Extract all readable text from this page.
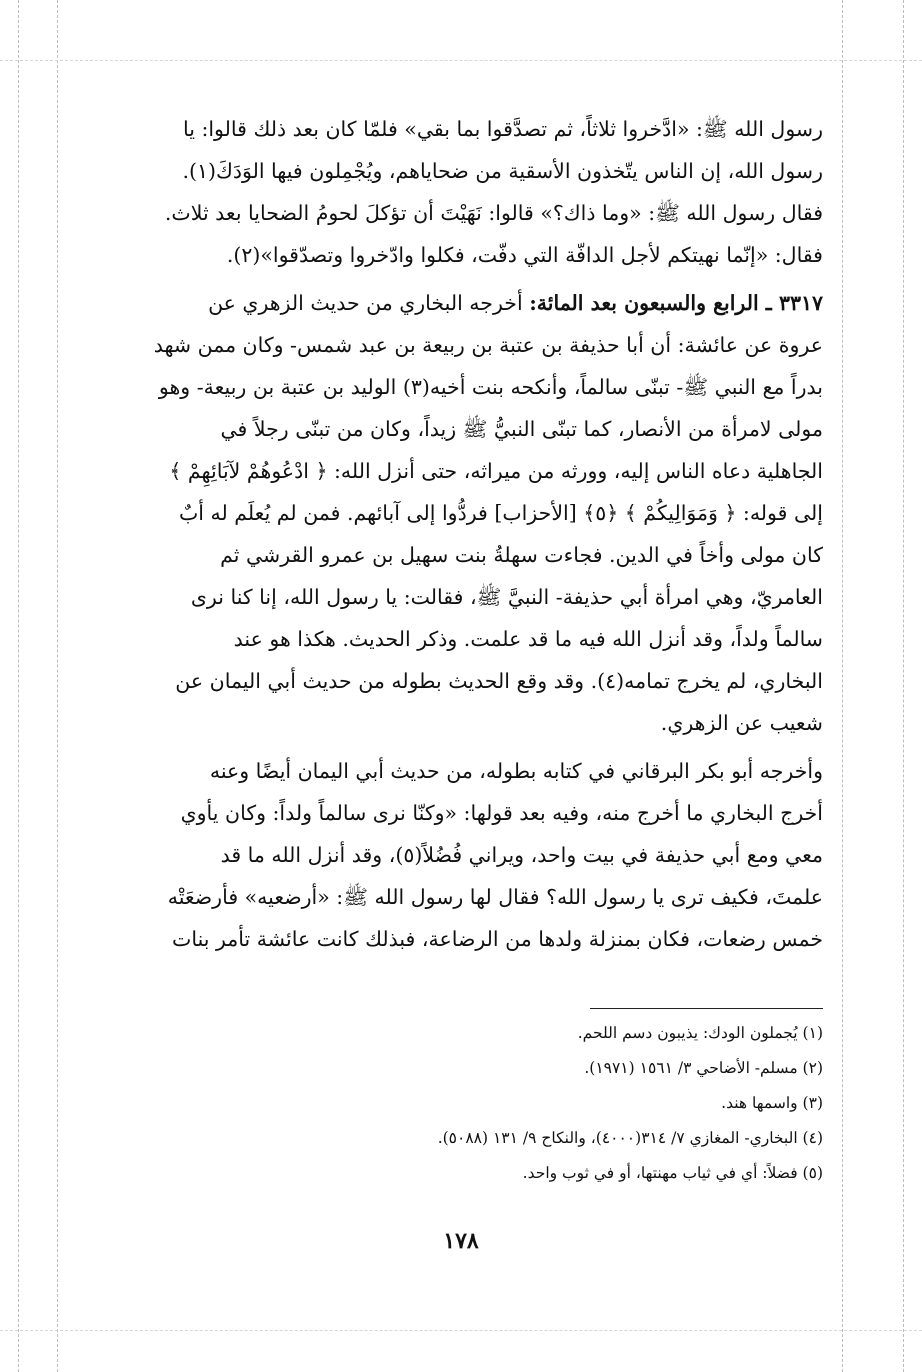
رسول الله ﷺ: «ادَّخروا ثلاثاً، ثم تصدَّقوا بما بقي» فلمّا كان بعد ذلك قالوا: يا
رسول الله، إن الناس يتّخذون الأسقية من ضحاياهم، ويُجْمِلون فيها الوَدَكَ(١).
فقال رسول الله ﷺ: «وما ذاك؟» قالوا: نَهَيْتَ أن تؤكلَ لحومُ الضحايا بعد ثلاث.
فقال: «إنّما نهيتكم لأجل الدافّة التي دفّت، فكلوا وادّخروا وتصدّقوا»(٢).
٣٣١٧ ـ الرابع والسبعون بعد المائة: أخرجه البخاري من حديث الزهري عن
عروة عن عائشة: أن أبا حذيفة بن عتبة بن ربيعة بن عبد شمس- وكان ممن شهد
بدراً مع النبي ﷺ- تبنّى سالماً، وأنكحه بنت أخيه(٣) الوليد بن عتبة بن ربيعة- وهو
مولى لامرأة من الأنصار، كما تبنّى النبيُّ ﷺ زيداً، وكان من تبنّى رجلاً في
الجاهلية دعاه الناس إليه، وورثه من ميراثه، حتى أنزل الله: ﴿ ادْعُوهُمْ لآبَائِهِمْ ﴾
إلى قوله: ﴿ وَمَوَالِيكُمْ ﴾ ﴿٥﴾ [الأحزاب] فردُّوا إلى آبائهم. فمن لم يُعلَم له أبٌ
كان مولى وأخاً في الدين. فجاءت سهلةُ بنت سهيل بن عمرو القرشي ثم
العامريّ، وهي امرأة أبي حذيفة- النبيَّ ﷺ، فقالت: يا رسول الله، إنا كنا نرى
سالماً ولداً، وقد أنزل الله فيه ما قد علمت. وذكر الحديث. هكذا هو عند
البخاري، لم يخرج تمامه(٤). وقد وقع الحديث بطوله من حديث أبي اليمان عن
شعيب عن الزهري.
وأخرجه أبو بكر البرقاني في كتابه بطوله، من حديث أبي اليمان أيضًا وعنه
أخرج البخاري ما أخرج منه، وفيه بعد قولها: «وكنّا نرى سالماً ولداً: وكان يأوي
معي ومع أبي حذيفة في بيت واحد، ويراني فُضُلاً(٥)، وقد أنزل الله ما قد
علمتَ، فكيف ترى يا رسول الله؟ فقال لها رسول الله ﷺ: «أرضعيه» فأرضعَتْه
خمس رضعات، فكان بمنزلة ولدها من الرضاعة، فبذلك كانت عائشة تأمر بنات
(١) يُجملون الودك: يذيبون دسم اللحم.
(٢) مسلم- الأضاحي ٣/ ١٥٦١ (١٩٧١).
(٣) واسمها هند.
(٤) البخاري- المغازي ٧/ ٣١٤(٤٠٠٠)، والنكاح ٩/ ١٣١ (٥٠٨٨).
(٥) فضلاً: أي في ثياب مهنتها، أو في ثوب واحد.
١٧٨
